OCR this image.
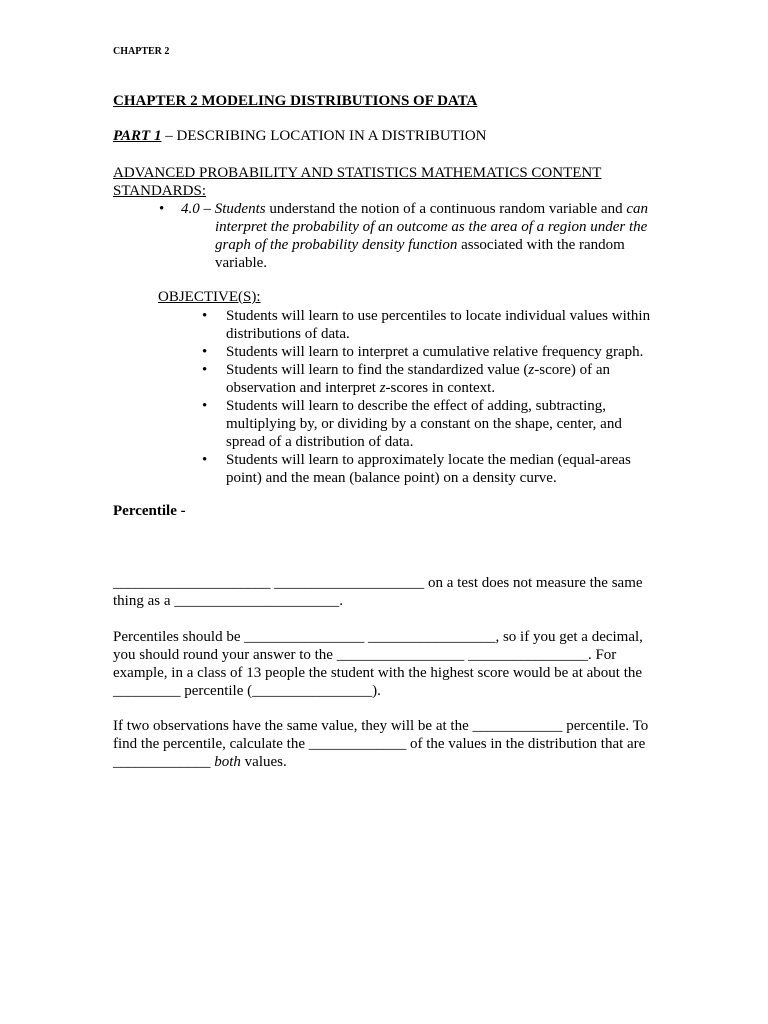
CHAPTER 2
CHAPTER 2 MODELING DISTRIBUTIONS OF DATA
PART 1 – DESCRIBING LOCATION IN A DISTRIBUTION
ADVANCED PROBABILITY AND STATISTICS MATHEMATICS CONTENT STANDARDS:
• 4.0 – Students understand the notion of a continuous random variable and can interpret the probability of an outcome as the area of a region under the graph of the probability density function associated with the random variable.
OBJECTIVE(S):
• Students will learn to use percentiles to locate individual values within distributions of data.
• Students will learn to interpret a cumulative relative frequency graph.
• Students will learn to find the standardized value (z-score) of an observation and interpret z-scores in context.
• Students will learn to describe the effect of adding, subtracting, multiplying by, or dividing by a constant on the shape, center, and spread of a distribution of data.
• Students will learn to approximately locate the median (equal-areas point) and the mean (balance point) on a density curve.
Percentile -
_____________________ ____________________ on a test does not measure the same thing as a ______________________.
Percentiles should be ________________ _________________, so if you get a decimal, you should round your answer to the _________________ ________________. For example, in a class of 13 people the student with the highest score would be at about the _________ percentile (________________).
If two observations have the same value, they will be at the ____________ percentile. To find the percentile, calculate the _____________ of the values in the distribution that are _____________ both values.
